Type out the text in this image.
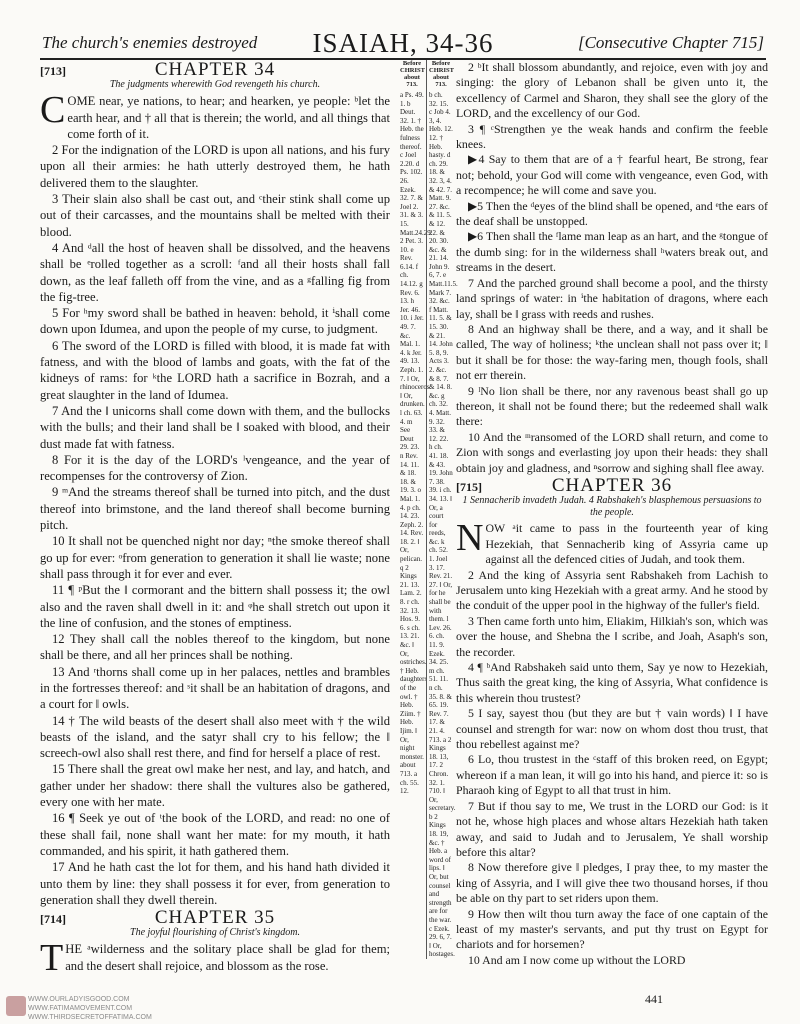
The church's enemies destroyed	ISAIAH, 34-36	[Consecutive Chapter 715]
[713]	CHAPTER 34
The judgments wherewith God revengeth his church.

COME near, ye nations, to hear; and hearken, ye people: ᵇlet the earth hear, and † all that is therein; the world, and all things that come forth of it.

2 For the indignation of the LORD is upon all nations, and his fury upon all their armies: he hath utterly destroyed them, he hath delivered them to the slaughter.

3 Their slain also shall be cast out, and ᶜtheir stink shall come up out of their carcasses, and the mountains shall be melted with their blood.

4 And ᵈall the host of heaven shall be dissolved, and the heavens shall be ᵉrolled together as a scroll: ᶠand all their hosts shall fall down, as the leaf falleth off from the vine, and as a ᵍfalling fig from the fig-tree.

5 For ʰmy sword shall be bathed in heaven: behold, it ⁱshall come down upon Idumea, and upon the people of my curse, to judgment.

6 The sword of the LORD is filled with blood, it is made fat with fatness, and with the blood of lambs and goats, with the fat of the kidneys of rams: for ᵏthe LORD hath a sacrifice in Bozrah, and a great slaughter in the land of Idumea.

7 And the ‖ unicorns shall come down with them, and the bullocks with the bulls; and their land shall be ‖ soaked with blood, and their dust made fat with fatness.

8 For it is the day of the LORD's ˡvengeance, and the year of recompenses for the controversy of Zion.

9 ᵐAnd the streams thereof shall be turned into pitch, and the dust thereof into brimstone, and the land thereof shall become burning pitch.

10 It shall not be quenched night nor day; ⁿthe smoke thereof shall go up for ever: ᵒfrom generation to generation it shall lie waste; none shall pass through it for ever and ever.

11 ¶ ᵖBut the ‖ cormorant and the bittern shall possess it; the owl also and the raven shall dwell in it: and ᵠhe shall stretch out upon it the line of confusion, and the stones of emptiness.

12 They shall call the nobles thereof to the kingdom, but none shall be there, and all her princes shall be nothing.

13 And ʳthorns shall come up in her palaces, nettles and brambles in the fortresses thereof: and ˢit shall be an habitation of dragons, and a court for ‖ owls.

14 † The wild beasts of the desert shall also meet with † the wild beasts of the island, and the satyr shall cry to his fellow; the ‖ screech-owl also shall rest there, and find for herself a place of rest.

15 There shall the great owl make her nest, and lay, and hatch, and gather under her shadow: there shall the vultures also be gathered, every one with her mate.

16 ¶ Seek ye out of ᵗthe book of the LORD, and read: no one of these shall fail, none shall want her mate: for my mouth, it hath commanded, and his spirit, it hath gathered them.

17 And he hath cast the lot for them, and his hand hath divided it unto them by line: they shall possess it for ever, from generation to generation shall they dwell therein.

[714]	CHAPTER 35
The joyful flourishing of Christ's kingdom.

THE ᵃwilderness and the solitary place shall be glad for them; and the desert shall rejoice, and blossom as the rose.

Before CHRIST about 713.
a Ps. 49. 1. b Deut. 32. 1. † Heb. the fulness thereof. c Joel 2.20. d Ps. 102. 26. Ezek. 32. 7. & Joel 2. 31. & 3. 15. Matt.24.29. 2 Pet. 3. 10. e Rev. 6.14. f ch. 14.12. g Rev. 6. 13. h Jer. 46. 10. i Jer. 49. 7. &c. Mal. 1. 4. k Jer. 49. 13. Zeph. 1. 7. ‖ Or, rhinoceros. ‖ Or, drunken. l ch. 63. 4. m See Deut 29. 23. n Rev. 14. 11. & 18. 18. & 19. 3. o Mal. 1. 4. p ch. 14. 23. Zeph. 2. 14. Rev. 18. 2. ‖ Or, pelican. q 2 Kings 21. 13. Lam. 2. 8. r ch. 32. 13. Hos. 9. 6. s ch. 13. 21. &c. ‖ Or, ostriches. † Heb. daughters of the owl. † Heb. Ziim. † Heb. Ijim. ‖ Or, night monster. about 713. a ch. 55. 12.
Before CHRIST about 713.
b ch. 32. 15. c Job 4. 3, 4. Heb. 12. 12. † Heb. hasty. d ch. 29. 18. & 32. 3, 4. & 42. 7. Matt. 9. 27. &c. & 11. 5. & 12. 22. & 20. 30. &c. & 21. 14. John 9. 6, 7. e Matt.11.5. Mark 7. 32. &c. f Matt. 11. 5. & 15. 30. & 21. 14. John 5. 8, 9. Acts 3. 2. &c. & 8. 7. & 14. 8. &c. g ch. 32. 4. Matt. 9. 32. 33. & 12. 22. h ch. 41. 18. & 43. 19. John 7. 38. 39. i ch. 34. 13. ‖ Or, a court for reeds, &c. k ch. 52. 1. Joel 3. 17. Rev. 21. 27. ‖ Or, for he shall be with them. l Lev. 26. 6. ch. 11. 9. Ezek. 34. 25. m ch. 51. 11. n ch. 35. 8. & 65. 19. Rev. 7. 17. & 21. 4. 713. a 2 Kings 18. 13, 17. 2 Chron. 32. 1. 710. ‖ Or, secretary. b 2 Kings 18. 19, &c. † Heb. a word of lips. ‖ Or, but counsel and strength are for the war. c Ezek. 29. 6, 7. ‖ Or, hostages.

2 ᵇIt shall blossom abundantly, and rejoice, even with joy and singing: the glory of Lebanon shall be given unto it, the excellency of Carmel and Sharon, they shall see the glory of the LORD, and the excellency of our God.

3 ¶ ᶜStrengthen ye the weak hands and confirm the feeble knees.

▶4 Say to them that are of a † fearful heart, Be strong, fear not; behold, your God will come with vengeance, even God, with a recompence; he will come and save you.

▶5 Then the ᵈeyes of the blind shall be opened, and ᵉthe ears of the deaf shall be unstopped.

▶6 Then shall the ᶠlame man leap as an hart, and the ᵍtongue of the dumb sing: for in the wilderness shall ʰwaters break out, and streams in the desert.

7 And the parched ground shall become a pool, and the thirsty land springs of water: in ⁱthe habitation of dragons, where each lay, shall be ‖ grass with reeds and rushes.

8 And an highway shall be there, and a way, and it shall be called, The way of holiness; ᵏthe unclean shall not pass over it; ‖ but it shall be for those: the way-faring men, though fools, shall not err therein.

9 ˡNo lion shall be there, nor any ravenous beast shall go up thereon, it shall not be found there; but the redeemed shall walk there:

10 And the ᵐransomed of the LORD shall return, and come to Zion with songs and everlasting joy upon their heads: they shall obtain joy and gladness, and ⁿsorrow and sighing shall flee away.

[715]	CHAPTER 36
1 Sennacherib invadeth Judah. 4 Rabshakeh's blasphemous persuasions to the people.

NOW ᵃit came to pass in the fourteenth year of king Hezekiah, that Sennacherib king of Assyria came up against all the defenced cities of Judah, and took them.

2 And the king of Assyria sent Rabshakeh from Lachish to Jerusalem unto king Hezekiah with a great army. And he stood by the conduit of the upper pool in the highway of the fuller's field.

3 Then came forth unto him, Eliakim, Hilkiah's son, which was over the house, and Shebna the ‖ scribe, and Joah, Asaph's son, the recorder.

4 ¶ ᵇAnd Rabshakeh said unto them, Say ye now to Hezekiah, Thus saith the great king, the king of Assyria, What confidence is this wherein thou trustest?

5 I say, sayest thou (but they are but † vain words) ‖ I have counsel and strength for war: now on whom dost thou trust, that thou rebellest against me?

6 Lo, thou trustest in the ᶜstaff of this broken reed, on Egypt; whereon if a man lean, it will go into his hand, and pierce it: so is Pharaoh king of Egypt to all that trust in him.

7 But if thou say to me, We trust in the LORD our God: is it not he, whose high places and whose altars Hezekiah hath taken away, and said to Judah and to Jerusalem, Ye shall worship before this altar?

8 Now therefore give ‖ pledges, I pray thee, to my master the king of Assyria, and I will give thee two thousand horses, if thou be able on thy part to set riders upon them.

9 How then wilt thou turn away the face of one captain of the least of my master's servants, and put thy trust on Egypt for chariots and for horsemen?

10 And am I now come up without the LORD

WWW.OURLADYISGOOD.COM
WWW.FATIMAMOVEMENT.COM
WWW.THIRDSECRETOFFATIMA.COM
441
